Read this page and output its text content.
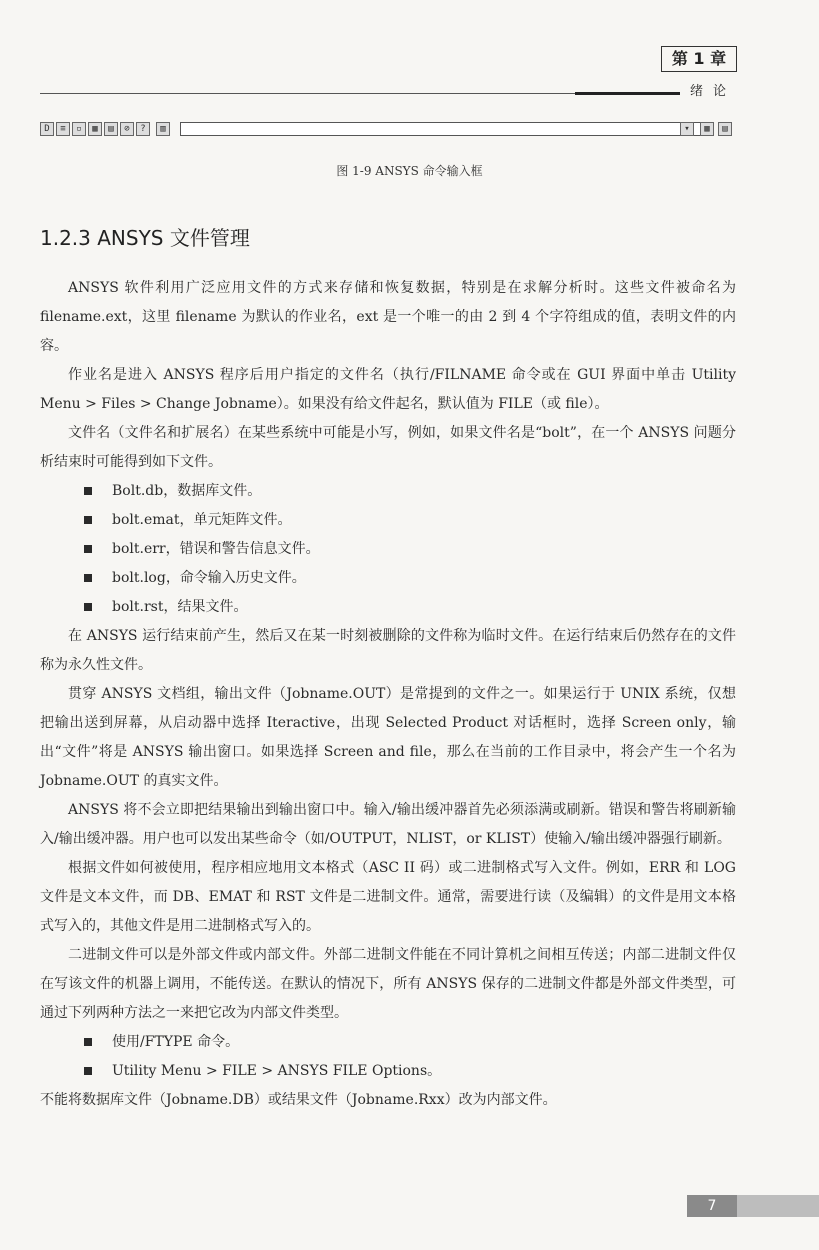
第 1 章
绪论
D	≡	▫	▦	▤	⊘	?	▥	▾	▦	▤
图 1-9 ANSYS 命令输入框
1.2.3 ANSYS 文件管理

ANSYS 软件利用广泛应用文件的方式来存储和恢复数据，特别是在求解分析时。这些文件被命名为 filename.ext，这里 filename 为默认的作业名，ext 是一个唯一的由 2 到 4 个字符组成的值，表明文件的内容。

作业名是进入 ANSYS 程序后用户指定的文件名（执行/FILNAME 命令或在 GUI 界面中单击 Utility Menu > Files > Change Jobname）。如果没有给文件起名，默认值为 FILE（或 file）。

文件名（文件名和扩展名）在某些系统中可能是小写，例如，如果文件名是“bolt”，在一个 ANSYS 问题分析结束时可能得到如下文件。

Bolt.db，数据库文件。

bolt.emat，单元矩阵文件。

bolt.err，错误和警告信息文件。

bolt.log，命令输入历史文件。

bolt.rst，结果文件。

在 ANSYS 运行结束前产生，然后又在某一时刻被删除的文件称为临时文件。在运行结束后仍然存在的文件称为永久性文件。

贯穿 ANSYS 文档组，输出文件（Jobname.OUT）是常提到的文件之一。如果运行于 UNIX 系统，仅想把输出送到屏幕，从启动器中选择 Iteractive，出现 Selected Product 对话框时，选择 Screen only，输出“文件”将是 ANSYS 输出窗口。如果选择 Screen and file，那么在当前的工作目录中，将会产生一个名为 Jobname.OUT 的真实文件。

ANSYS 将不会立即把结果输出到输出窗口中。输入/输出缓冲器首先必须添满或刷新。错误和警告将刷新输入/输出缓冲器。用户也可以发出某些命令（如/OUTPUT，NLIST，or KLIST）使输入/输出缓冲器强行刷新。

根据文件如何被使用，程序相应地用文本格式（ASC II 码）或二进制格式写入文件。例如，ERR 和 LOG 文件是文本文件，而 DB、EMAT 和 RST 文件是二进制文件。通常，需要进行读（及编辑）的文件是用文本格式写入的，其他文件是用二进制格式写入的。

二进制文件可以是外部文件或内部文件。外部二进制文件能在不同计算机之间相互传送；内部二进制文件仅在写该文件的机器上调用，不能传送。在默认的情况下，所有 ANSYS 保存的二进制文件都是外部文件类型，可通过下列两种方法之一来把它改为内部文件类型。

使用/FTYPE 命令。

Utility Menu > FILE > ANSYS FILE Options。

不能将数据库文件（Jobname.DB）或结果文件（Jobname.Rxx）改为内部文件。

7
